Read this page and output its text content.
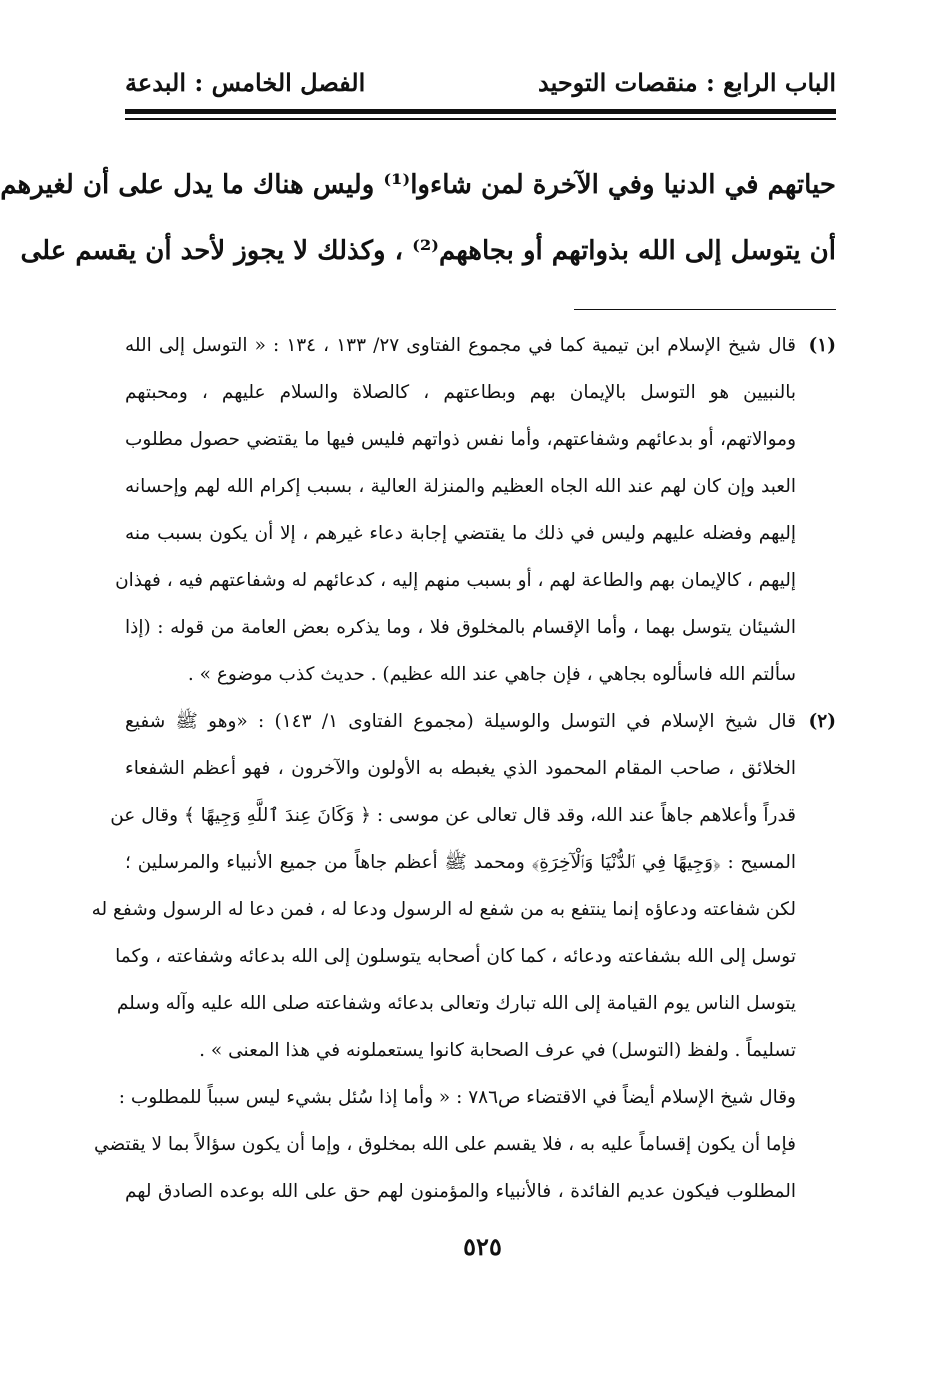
الباب الرابع : منقصات التوحيد
الفصل الخامس : البدعة
حياتهم في الدنيا وفي الآخرة لمن شاءوا⁽¹⁾ وليس هناك ما يدل على أن لغيرهم
أن يتوسل إلى الله بذواتهم أو بجاههم⁽²⁾ ، وكذلك لا يجوز لأحد أن يقسم على
(١)قال شيخ الإسلام ابن تيمية كما في مجموع الفتاوى ٢٧/ ١٣٣ ، ١٣٤ : « التوسل إلى الله
بالنبيين هو التوسل بالإيمان بهم وبطاعتهم ، كالصلاة والسلام عليهم ، ومحبتهم
وموالاتهم، أو بدعائهم وشفاعتهم، وأما نفس ذواتهم فليس فيها ما يقتضي حصول مطلوب
العبد وإن كان لهم عند الله الجاه العظيم والمنزلة العالية ، بسبب إكرام الله لهم وإحسانه
إليهم وفضله عليهم وليس في ذلك ما يقتضي إجابة دعاء غيرهم ، إلا أن يكون بسبب منه
إليهم ، كالإيمان بهم والطاعة لهم ، أو بسبب منهم إليه ، كدعائهم له وشفاعتهم فيه ، فهذان
الشيئان يتوسل بهما ، وأما الإقسام بالمخلوق فلا ، وما يذكره بعض العامة من قوله : (إذا
سألتم الله فاسألوه بجاهي ، فإن جاهي عند الله عظيم) . حديث كذب موضوع » .
(٢)قال شيخ الإسلام في التوسل والوسيلة (مجموع الفتاوى ١/ ١٤٣) : «وهو ﷺ شفيع
الخلائق ، صاحب المقام المحمود الذي يغبطه به الأولون والآخرون ، فهو أعظم الشفعاء
قدراً وأعلاهم جاهاً عند الله، وقد قال تعالى عن موسى : ﴿ وَكَانَ عِندَ ٱللَّهِ وَجِيهًا ﴾ وقال عن
المسيح : ﴿وَجِيهًا فِي ٱلدُّنْيَا وَٱلْآخِرَةِ﴾ ومحمد ﷺ أعظم جاهاً من جميع الأنبياء والمرسلين ؛
لكن شفاعته ودعاؤه إنما ينتفع به من شفع له الرسول ودعا له ، فمن دعا له الرسول وشفع له
توسل إلى الله بشفاعته ودعائه ، كما كان أصحابه يتوسلون إلى الله بدعائه وشفاعته ، وكما
يتوسل الناس يوم القيامة إلى الله تبارك وتعالى بدعائه وشفاعته صلى الله عليه وآله وسلم
تسليماً . ولفظ (التوسل) في عرف الصحابة كانوا يستعملونه في هذا المعنى » .
وقال شيخ الإسلام أيضاً في الاقتضاء ص٧٨٦ : « وأما إذا سُئل بشيء ليس سبباً للمطلوب :
فإما أن يكون إقساماً عليه به ، فلا يقسم على الله بمخلوق ، وإما أن يكون سؤالاً بما لا يقتضي
المطلوب فيكون عديم الفائدة ، فالأنبياء والمؤمنون لهم حق على الله بوعده الصادق لهم
٥٢٥
